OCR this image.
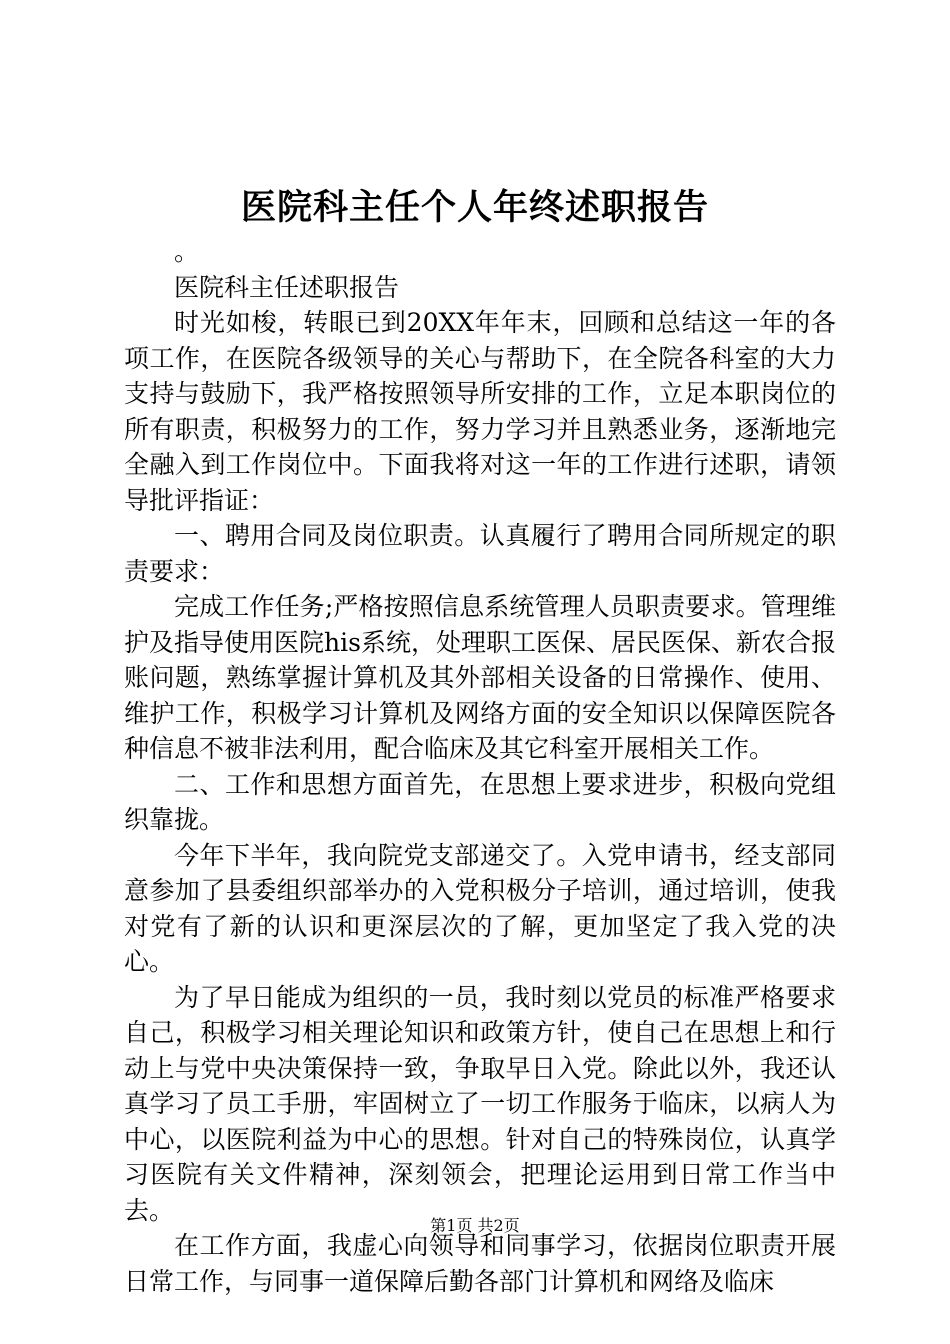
医院科主任个人年终述职报告

。

医院科主任述职报告

时光如梭，转眼已到20XX年年末，回顾和总结这一年的各项工作，在医院各级领导的关心与帮助下，在全院各科室的大力支持与鼓励下，我严格按照领导所安排的工作，立足本职岗位的所有职责，积极努力的工作，努力学习并且熟悉业务，逐渐地完全融入到工作岗位中。下面我将对这一年的工作进行述职，请领导批评指证：

一、聘用合同及岗位职责。认真履行了聘用合同所规定的职责要求：

完成工作任务;严格按照信息系统管理人员职责要求。管理维护及指导使用医院his系统，处理职工医保、居民医保、新农合报账问题，熟练掌握计算机及其外部相关设备的日常操作、使用、维护工作，积极学习计算机及网络方面的安全知识以保障医院各种信息不被非法利用，配合临床及其它科室开展相关工作。

二、工作和思想方面首先，在思想上要求进步，积极向党组织靠拢。

今年下半年，我向院党支部递交了。入党申请书，经支部同意参加了县委组织部举办的入党积极分子培训，通过培训，使我对党有了新的认识和更深层次的了解，更加坚定了我入党的决心。

为了早日能成为组织的一员，我时刻以党员的标准严格要求自己，积极学习相关理论知识和政策方针，使自己在思想上和行动上与党中央决策保持一致，争取早日入党。除此以外，我还认真学习了员工手册，牢固树立了一切工作服务于临床，以病人为中心，以医院利益为中心的思想。针对自己的特殊岗位，认真学习医院有关文件精神，深刻领会，把理论运用到日常工作当中去。

在工作方面，我虚心向领导和同事学习，依据岗位职责开展日常工作，与同事一道保障后勤各部门计算机和网络及临床

第1页 共2页
